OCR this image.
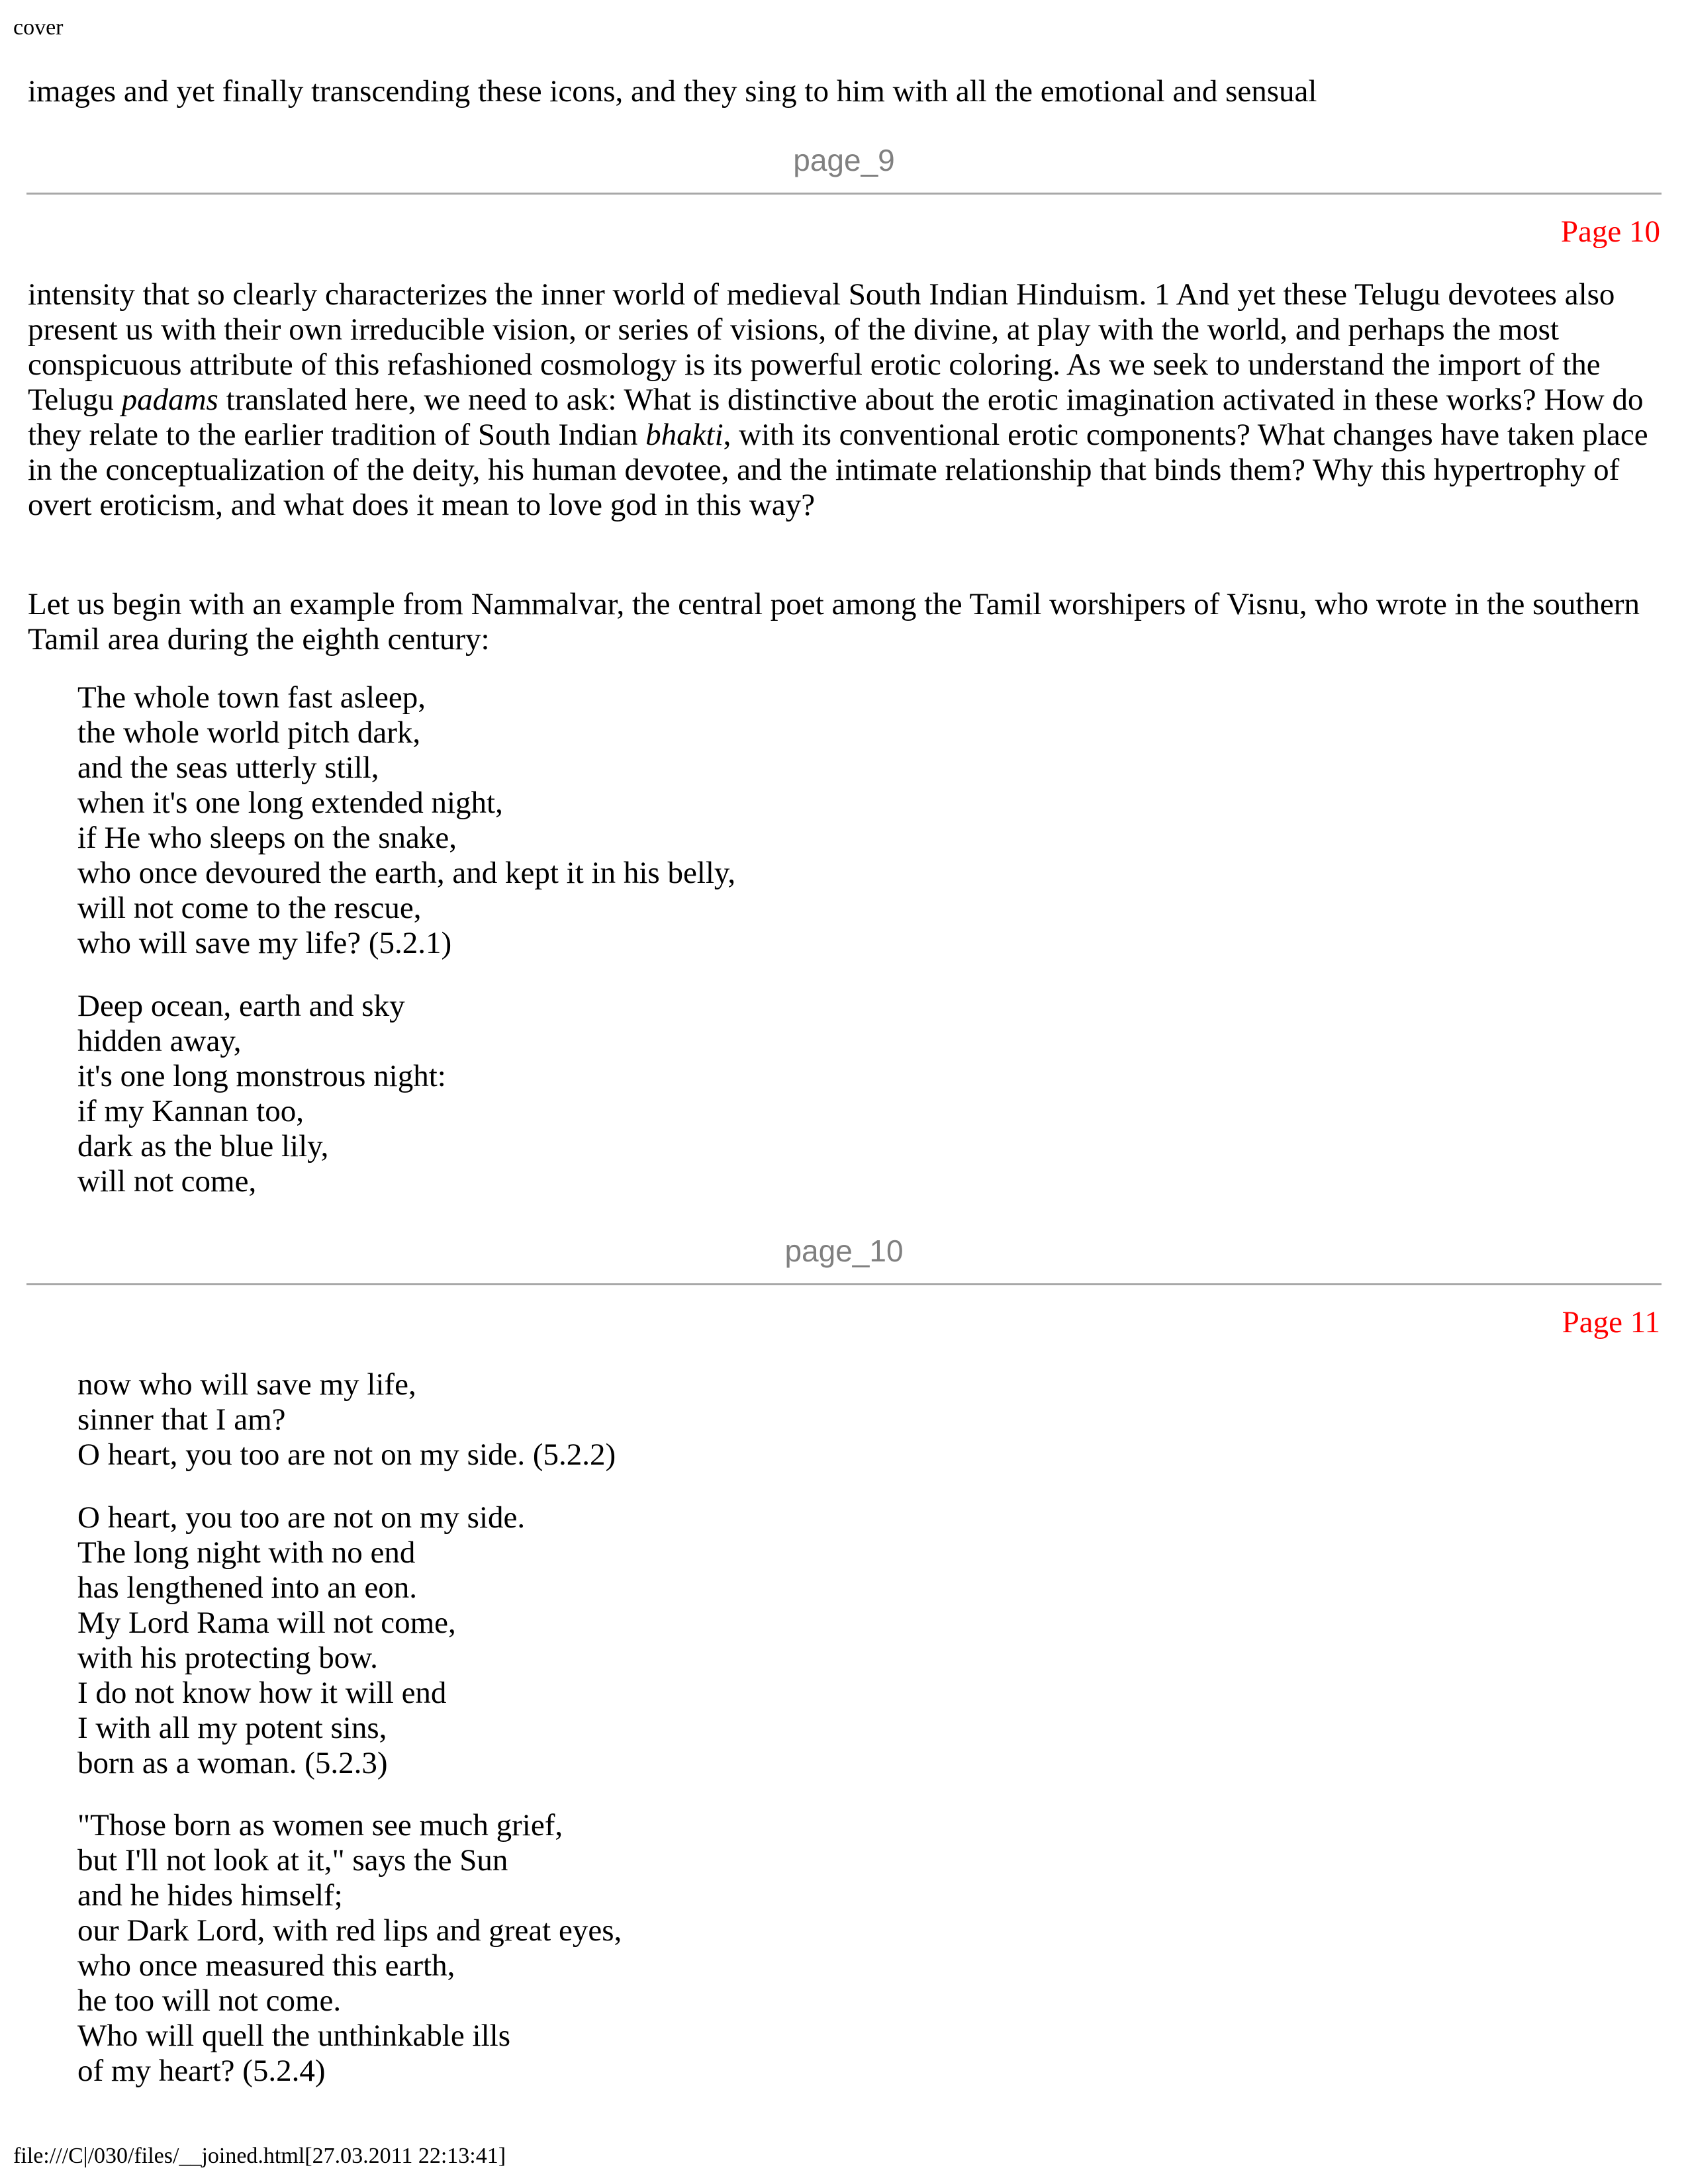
cover

images and yet finally transcending these icons, and they sing to him with all the emotional and sensual

page_9
Page 10

intensity that so clearly characterizes the inner world of medieval South Indian Hinduism. 1 And yet these Telugu devotees also present us with their own irreducible vision, or series of visions, of the divine, at play with the world, and perhaps the most conspicuous attribute of this refashioned cosmology is its powerful erotic coloring. As we seek to understand the import of the Telugu padams translated here, we need to ask: What is distinctive about the erotic imagination activated in these works? How do they relate to the earlier tradition of South Indian bhakti, with its conventional erotic components? What changes have taken place in the conceptualization of the deity, his human devotee, and the intimate relationship that binds them? Why this hypertrophy of overt eroticism, and what does it mean to love god in this way?

Let us begin with an example from Nammalvar, the central poet among the Tamil worshipers of Visnu, who wrote in the southern Tamil area during the eighth century:

The whole town fast asleep,
the whole world pitch dark,
and the seas utterly still,
when it's one long extended night,
if He who sleeps on the snake,
who once devoured the earth, and kept it in his belly,
will not come to the rescue,
who will save my life? (5.2.1)
Deep ocean, earth and sky
hidden away,
it's one long monstrous night:
if my Kannan too,
dark as the blue lily,
will not come,
page_10
Page 11
now who will save my life,
sinner that I am?
O heart, you too are not on my side. (5.2.2)
O heart, you too are not on my side.
The long night with no end
has lengthened into an eon.
My Lord Rama will not come,
with his protecting bow.
I do not know how it will end
I with all my potent sins,
born as a woman. (5.2.3)
"Those born as women see much grief,
but I'll not look at it," says the Sun
and he hides himself;
our Dark Lord, with red lips and great eyes,
who once measured this earth,
he too will not come.
Who will quell the unthinkable ills
of my heart? (5.2.4)
file:///C|/030/files/__joined.html[27.03.2011 22:13:41]
